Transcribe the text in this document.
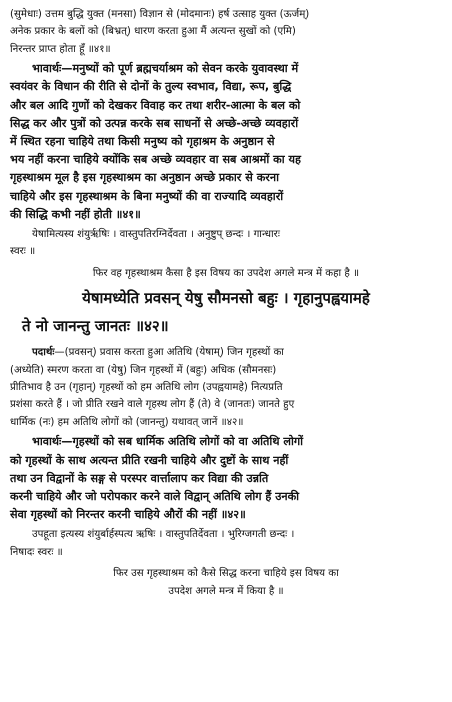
(सुमेधाः) उत्तम बुद्धि युक्त (मनसा) विज्ञान से (मोदमानः) हर्ष उत्साह युक्त (ऊर्जम्)

अनेक प्रकार के बलों को (बिभ्रत्) धारण करता हुआ मैं अत्यन्त सुखों को (एमि)

निरन्तर प्राप्त होता हूँ ॥४१॥

भावार्थः—मनुष्यों को पूर्ण ब्रह्मचर्याश्रम को सेवन करके युवावस्था में

स्वयंवर के विधान की रीति से दोनों के तुल्य स्वभाव, विद्या, रूप, बुद्धि

और बल आदि गुणों को देखकर विवाह कर तथा शरीर-आत्मा के बल को

सिद्ध कर और पुत्रों को उत्पन्न करके सब साधनों से अच्छे-अच्छे व्यवहारों

में स्थित रहना चाहिये तथा किसी मनुष्य को गृहाश्रम के अनुष्ठान से

भय नहीं करना चाहिये क्योंकि सब अच्छे व्यवहार वा सब आश्रमों का यह

गृहस्थाश्रम मूल है इस गृहस्थाश्रम का अनुष्ठान अच्छे प्रकार से करना

चाहिये और इस गृहस्थाश्रम के बिना मनुष्यों की वा राज्यादि व्यवहारों

की सिद्धि कभी नहीं होती ॥४१॥

येषामित्यस्य शंयुर्ऋषिः । वास्तुपतिरग्निर्देवता । अनुष्टुप् छन्दः । गान्धारः

स्वरः ॥

फिर वह गृहस्थाश्रम कैसा है इस विषय का उपदेश अगले मन्त्र में कहा है ॥

येषामध्येति प्रवसन् येषु सौमनसो बहुः । गृहानुपह्वयामहे

ते नो जानन्तु जानतः ॥४२॥

पदार्थः—(प्रवसन्) प्रवास करता हुआ अतिथि (येषाम्) जिन गृहस्थों का

(अध्येति) स्मरण करता वा (येषु) जिन गृहस्थों में (बहुः) अधिक (सौमनसः)

प्रीतिभाव है उन (गृहान्) गृहस्थों को हम अतिथि लोग (उपह्वयामहे) नित्यप्रति

प्रशंसा करते हैं । जो प्रीति रखने वाले गृहस्थ लोग हैं (ते) वे (जानतः) जानते हुए

धार्मिक (नः) हम अतिथि लोगों को (जानन्तु) यथावत् जानें ॥४२॥

भावार्थः—गृहस्थों को सब धार्मिक अतिथि लोगों को वा अतिथि लोगों

को गृहस्थों के साथ अत्यन्त प्रीति रखनी चाहिये और दुष्टों के साथ नहीं

तथा उन विद्वानों के सङ्ग से परस्पर वार्त्तालाप कर विद्या की उन्नति

करनी चाहिये और जो परोपकार करने वाले विद्वान् अतिथि लोग हैं उनकी

सेवा गृहस्थों को निरन्तर करनी चाहिये औरों की नहीं ॥४२॥

उपहूता इत्यस्य शंयुर्बार्हस्पत्य ऋषिः । वास्तुपतिर्देवता । भुरिग्जगती छन्दः ।

निषादः स्वरः ॥

फिर उस गृहस्थाश्रम को कैसे सिद्ध करना चाहिये इस विषय का

उपदेश अगले मन्त्र में किया है ॥
